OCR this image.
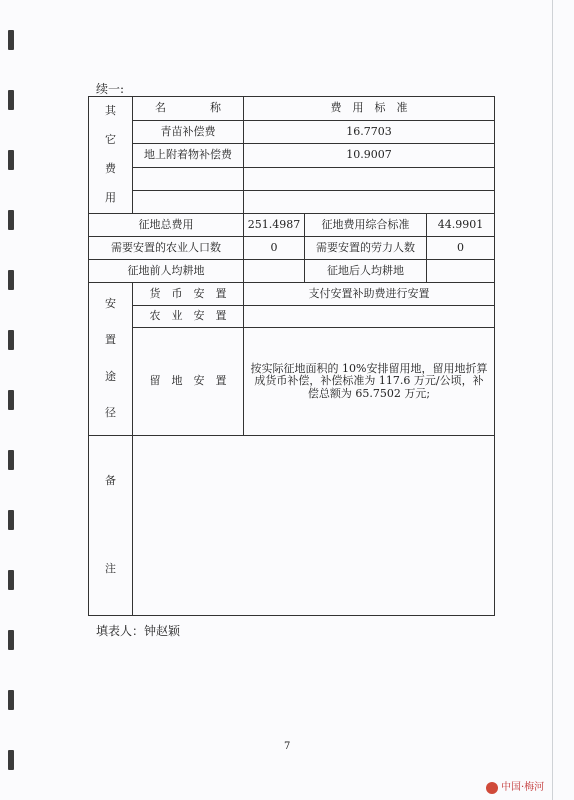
续一:
其
它
费
用	名　　　　称	费　用　标　准		
	青苗补偿费	16.7703		
	地上附着物补偿费	10.9007		

征地总费用		251.4987	征地费用综合标准	44.9901
需要安置的农业人口数		0	需要安置的劳力人数	0
征地前人均耕地			征地后人均耕地	

安
置
途
径	货　币　安　置	支付安置补助费进行安置		
	农　业　安　置			
	留　地　安　置	按实际征地面积的 10%安排留用地，留用地折算成货币补偿，补偿标准为 117.6 万元/公顷，补偿总额为 65.7502 万元;		

备
注				

填表人：钟赵颖
7
中国·梅河
